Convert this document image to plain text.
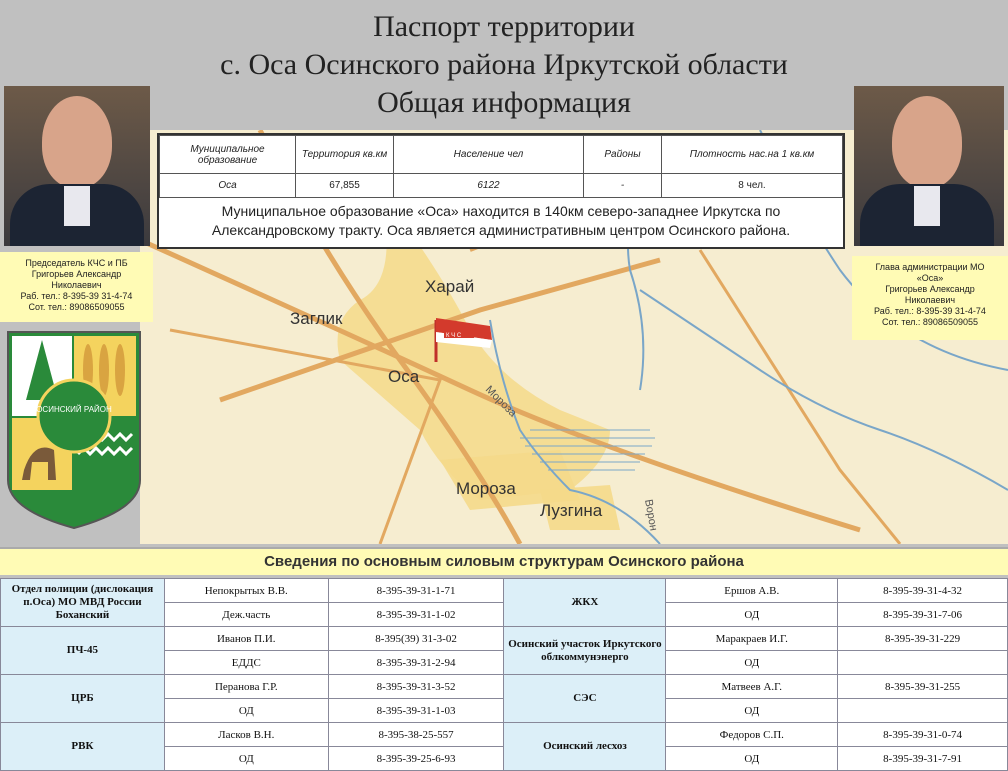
Паспорт территории
с. Оса Осинского района Иркутской области
Общая информация
К Ч С
Харай
Заглик
Оса
Мороза
Лузгина
Мороза
Ворон
Председатель КЧС и ПБ
Григорьев Александр
Николаевич
Раб. тел.: 8-395-39 31-4-74
Сот. тел.: 89086509055
Глава администрации МО
«Оса»
Григорьев Александр
Николаевич
Раб. тел.: 8-395-39 31-4-74
Сот. тел.: 89086509055
Муниципальное образование	Территория кв.км	Население чел	Районы	Плотность нас.на 1 кв.км
Оса	67,855	6122	-	8 чел.
Муниципальное образование «Оса» находится в 140км северо-западнее Иркутска по Александровскому тракту. Оса является административным центром Осинского района.
ОСИНСКИЙ РАЙОН
Сведения по основным силовым структурам Осинского района
Отдел полиции (дислокация п.Оса) МО МВД России Боханский	Непокрытых В.В.	8-395-39-31-1-71	ЖКХ	Ершов А.В.	8-395-39-31-4-32
	Деж.часть	8-395-39-31-1-02		ОД	8-395-39-31-7-06
ПЧ-45	Иванов П.И.	8-395(39) 31-3-02	Осинский участок Иркутского облкоммунэнерго	Маракраев И.Г.	8-395-39-31-229
	ЕДДС	8-395-39-31-2-94		ОД	
ЦРБ	Перанова Г.Р.	8-395-39-31-3-52	СЭС	Матвеев А.Г.	8-395-39-31-255
	ОД	8-395-39-31-1-03		ОД	
РВК	Ласков В.Н.	8-395-38-25-557	Осинский лесхоз	Федоров С.П.	8-395-39-31-0-74
	ОД	8-395-39-25-6-93		ОД	8-395-39-31-7-91
